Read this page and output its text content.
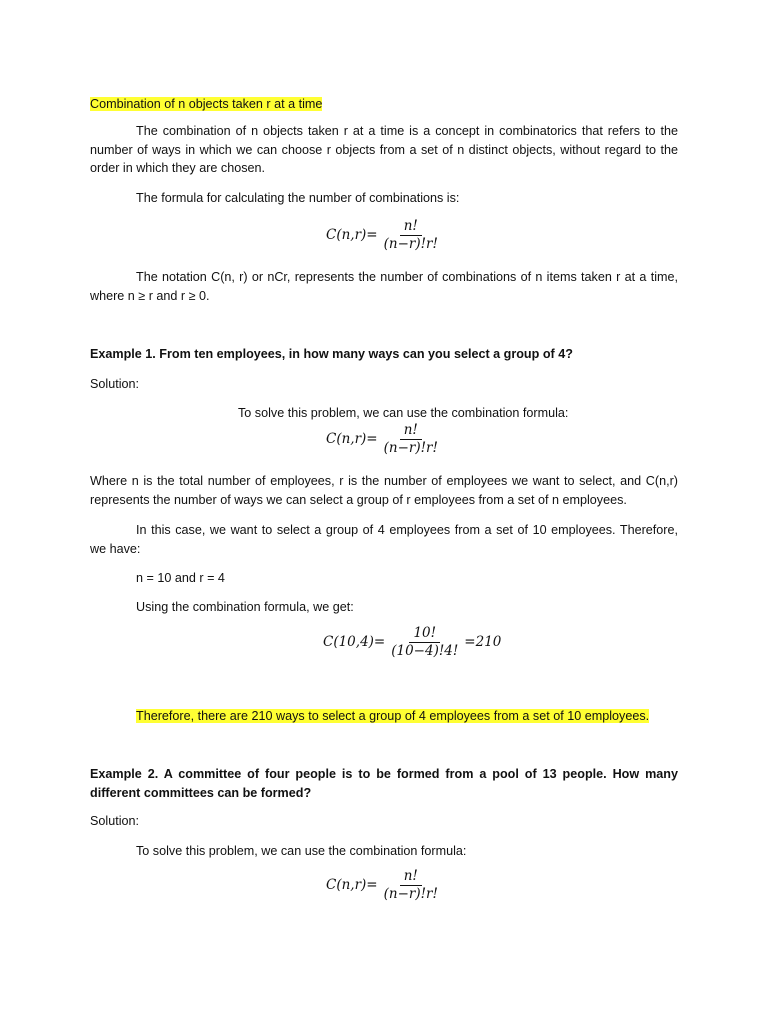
Combination of n objects taken r at a time

The combination of n objects taken r at a time is a concept in combinatorics that refers to the number of ways in which we can choose r objects from a set of n distinct objects, without regard to the order in which they are chosen.

The formula for calculating the number of combinations is:

$C(n,r)= \frac{n!}{(n-r)!r!}$

The notation C(n, r) or nCr, represents the number of combinations of n items taken r at a time, where n ≥ r and r ≥ 0.

Example 1. From ten employees, in how many ways can you select a group of 4?

Solution:

To solve this problem, we can use the combination formula:

$C(n,r)= \frac{n!}{(n-r)!r!}$

Where n is the total number of employees, r is the number of employees we want to select, and C(n,r) represents the number of ways we can select a group of r employees from a set of n employees.

In this case, we want to select a group of 4 employees from a set of 10 employees. Therefore, we have:

n = 10 and r = 4

Using the combination formula, we get:

$C(10,4)= \frac{10!}{(10-4)!4!} =210$

Therefore, there are 210 ways to select a group of 4 employees from a set of 10 employees.

Example 2. A committee of four people is to be formed from a pool of 13 people. How many different committees can be formed?

Solution:

To solve this problem, we can use the combination formula:

$C(n,r)= \frac{n!}{(n-r)!r!}$
